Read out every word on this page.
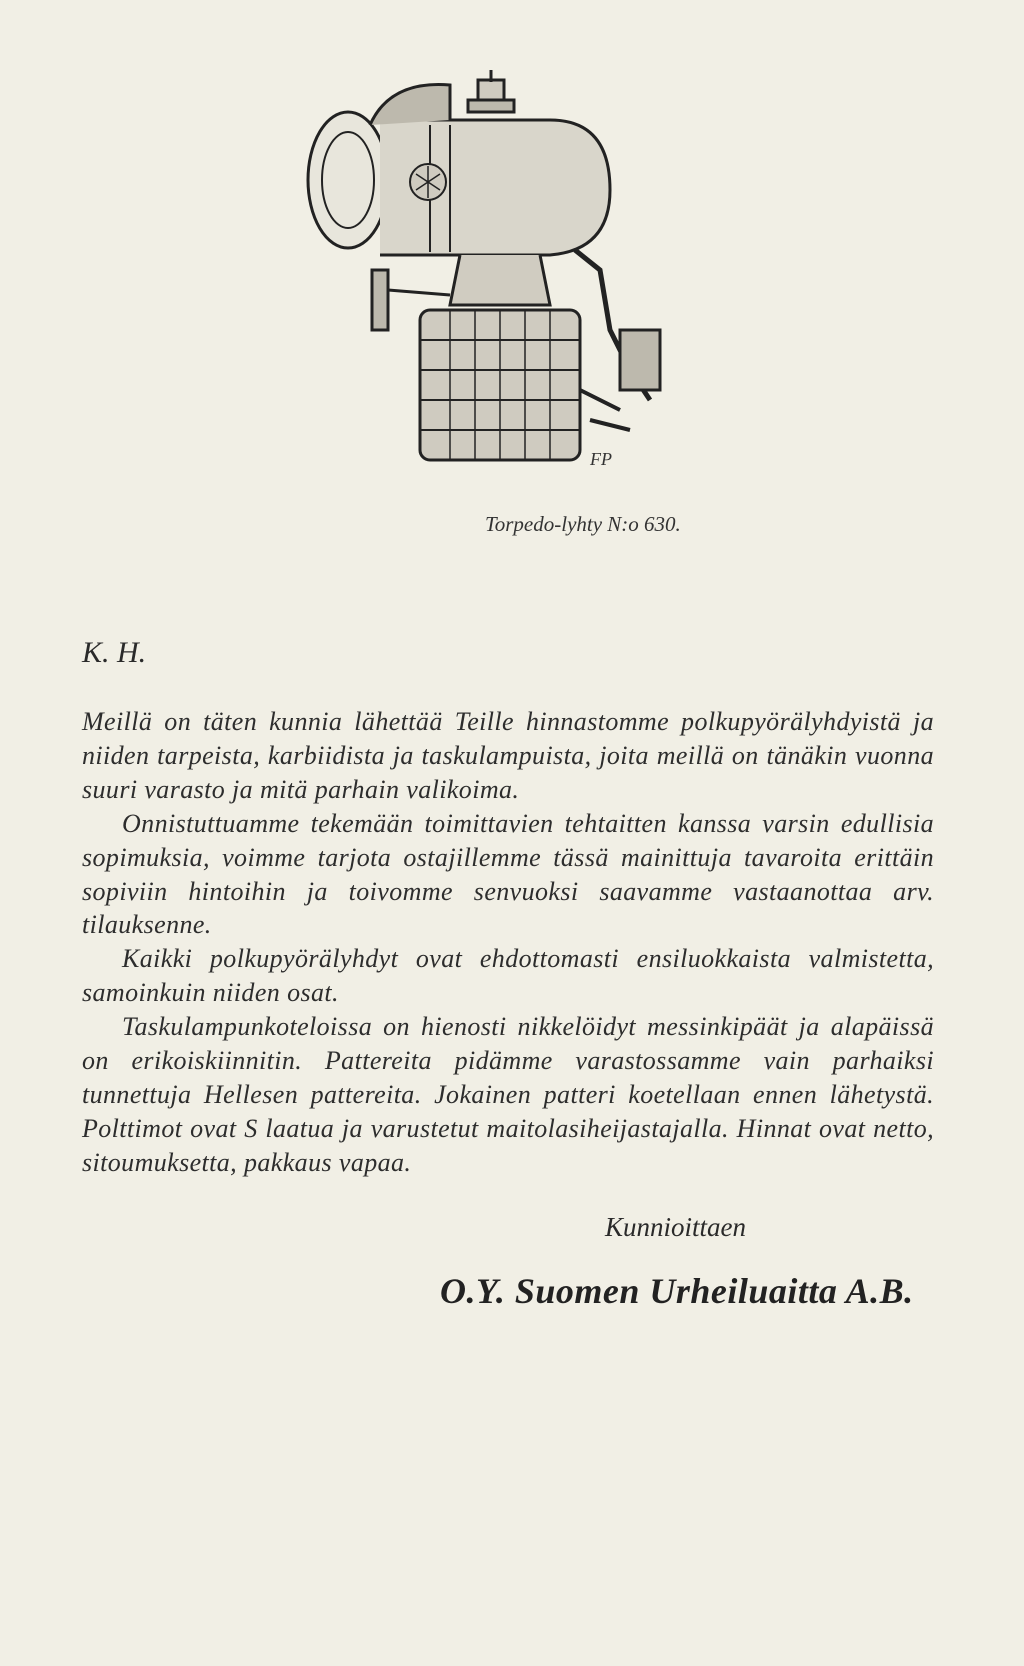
FP
Torpedo-lyhty N:o 630.
K. H.

Meillä on täten kunnia lähettää Teille hinnastomme polkupyörälyhdyistä ja niiden tarpeista, karbiidista ja taskulampuista, joita meillä on tänäkin vuonna suuri varasto ja mitä parhain valikoima.

Onnistuttuamme tekemään toimittavien tehtaitten kanssa varsin edullisia sopimuksia, voimme tarjota ostajillemme tässä mainittuja tavaroita erittäin sopiviin hintoihin ja toivomme senvuoksi saavamme vastaanottaa arv. tilauksenne.

Kaikki polkupyörälyhdyt ovat ehdottomasti ensiluokkaista valmistetta, samoinkuin niiden osat.

Taskulampunkoteloissa on hienosti nikkelöidyt messinkipäät ja alapäissä on erikoiskiinnitin. Pattereita pidämme varastossamme vain parhaiksi tunnettuja Hellesen pattereita. Jokainen patteri koetellaan ennen lähetystä. Polttimot ovat S laatua ja varustetut maitolasiheijastajalla. Hinnat ovat netto, sitoumuksetta, pakkaus vapaa.

Kunnioittaen
O.Y. Suomen Urheiluaitta A.B.
